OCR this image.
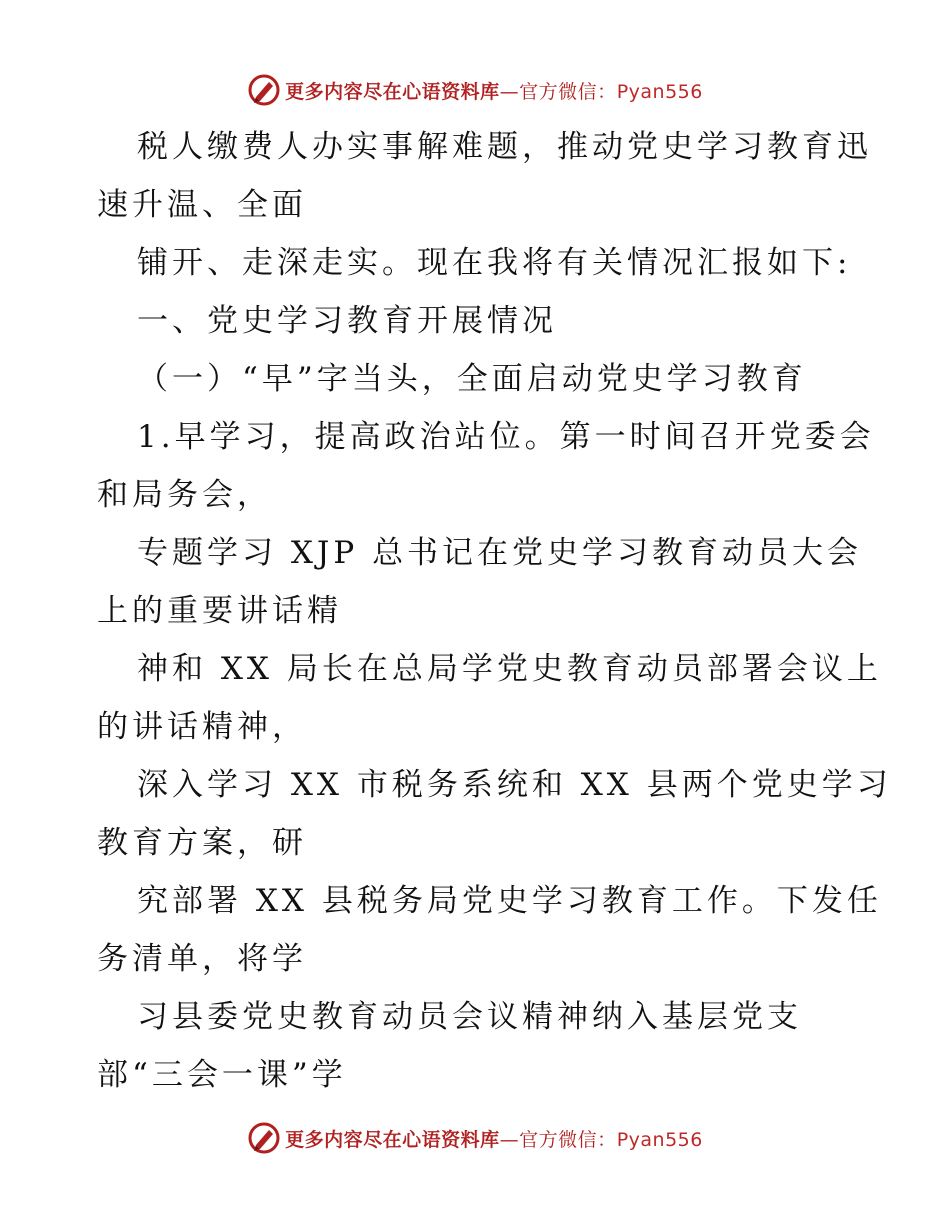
更多内容尽在心语资料库—官方微信：Pyan556
税人缴费人办实事解难题，推动党史学习教育迅
速升温、全面
铺开、走深走实。现在我将有关情况汇报如下:
一、党史学习教育开展情况
（一）“早”字当头，全面启动党史学习教育
1.早学习，提高政治站位。第一时间召开党委会
和局务会，
专题学习 XJP 总书记在党史学习教育动员大会
上的重要讲话精
神和 XX 局长在总局学党史教育动员部署会议上
的讲话精神，
深入学习 XX 市税务系统和 XX 县两个党史学习
教育方案，研
究部署 XX 县税务局党史学习教育工作。下发任
务清单，将学
习县委党史教育动员会议精神纳入基层党支
部“三会一课”学
更多内容尽在心语资料库—官方微信：Pyan556
